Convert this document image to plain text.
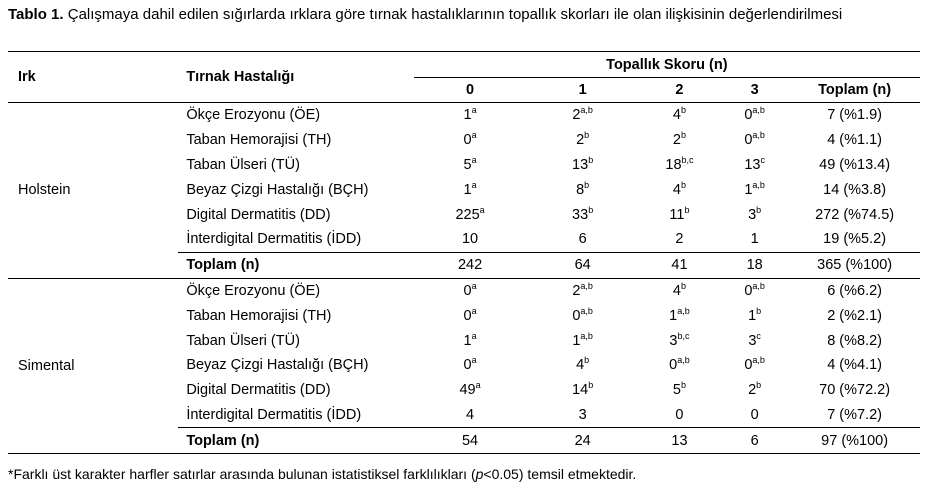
Tablo 1. Çalışmaya dahil edilen sığırlarda ırklara göre tırnak hastalıklarının topallık skorları ile olan ilişkisinin değerlendirilmesi
Irk	Tırnak Hastalığı	Topallık Skoru (n)				
		0	1	2	3	Toplam (n)
Holstein	Ökçe Erozyonu (ÖE)	1$^a$	2$^{a,b}$	4$^b$	0$^{a,b}$	7 (%1.9)
	Taban Hemorajisi (TH)	0$^a$	2$^b$	2$^b$	0$^{a,b}$	4 (%1.1)
	Taban Ülseri (TÜ)	5$^a$	13$^b$	18$^{b,c}$	13$^c$	49 (%13.4)
	Beyaz Çizgi Hastalığı (BÇH)	1$^a$	8$^b$	4$^b$	1$^{a,b}$	14 (%3.8)
	Digital Dermatitis (DD)	225$^a$	33$^b$	11$^b$	3$^b$	272 (%74.5)
	İnterdigital Dermatitis (İDD)	10	6	2	1	19 (%5.2)
	Toplam (n)	242	64	41	18	365 (%100)
Simental	Ökçe Erozyonu (ÖE)	0$^a$	2$^{a,b}$	4$^b$	0$^{a,b}$	6 (%6.2)
	Taban Hemorajisi (TH)	0$^a$	0$^{a,b}$	1$^{a,b}$	1$^b$	2 (%2.1)
	Taban Ülseri (TÜ)	1$^a$	1$^{a,b}$	3$^{b,c}$	3$^c$	8 (%8.2)
	Beyaz Çizgi Hastalığı (BÇH)	0$^a$	4$^b$	0$^{a,b}$	0$^{a,b}$	4 (%4.1)
	Digital Dermatitis (DD)	49$^a$	14$^b$	5$^b$	2$^b$	70 (%72.2)
	İnterdigital Dermatitis (İDD)	4	3	0	0	7 (%7.2)
	Toplam (n)	54	24	13	6	97 (%100)
*Farklı üst karakter harfler satırlar arasında bulunan istatistiksel farklılıkları (p<0.05) temsil etmektedir.
